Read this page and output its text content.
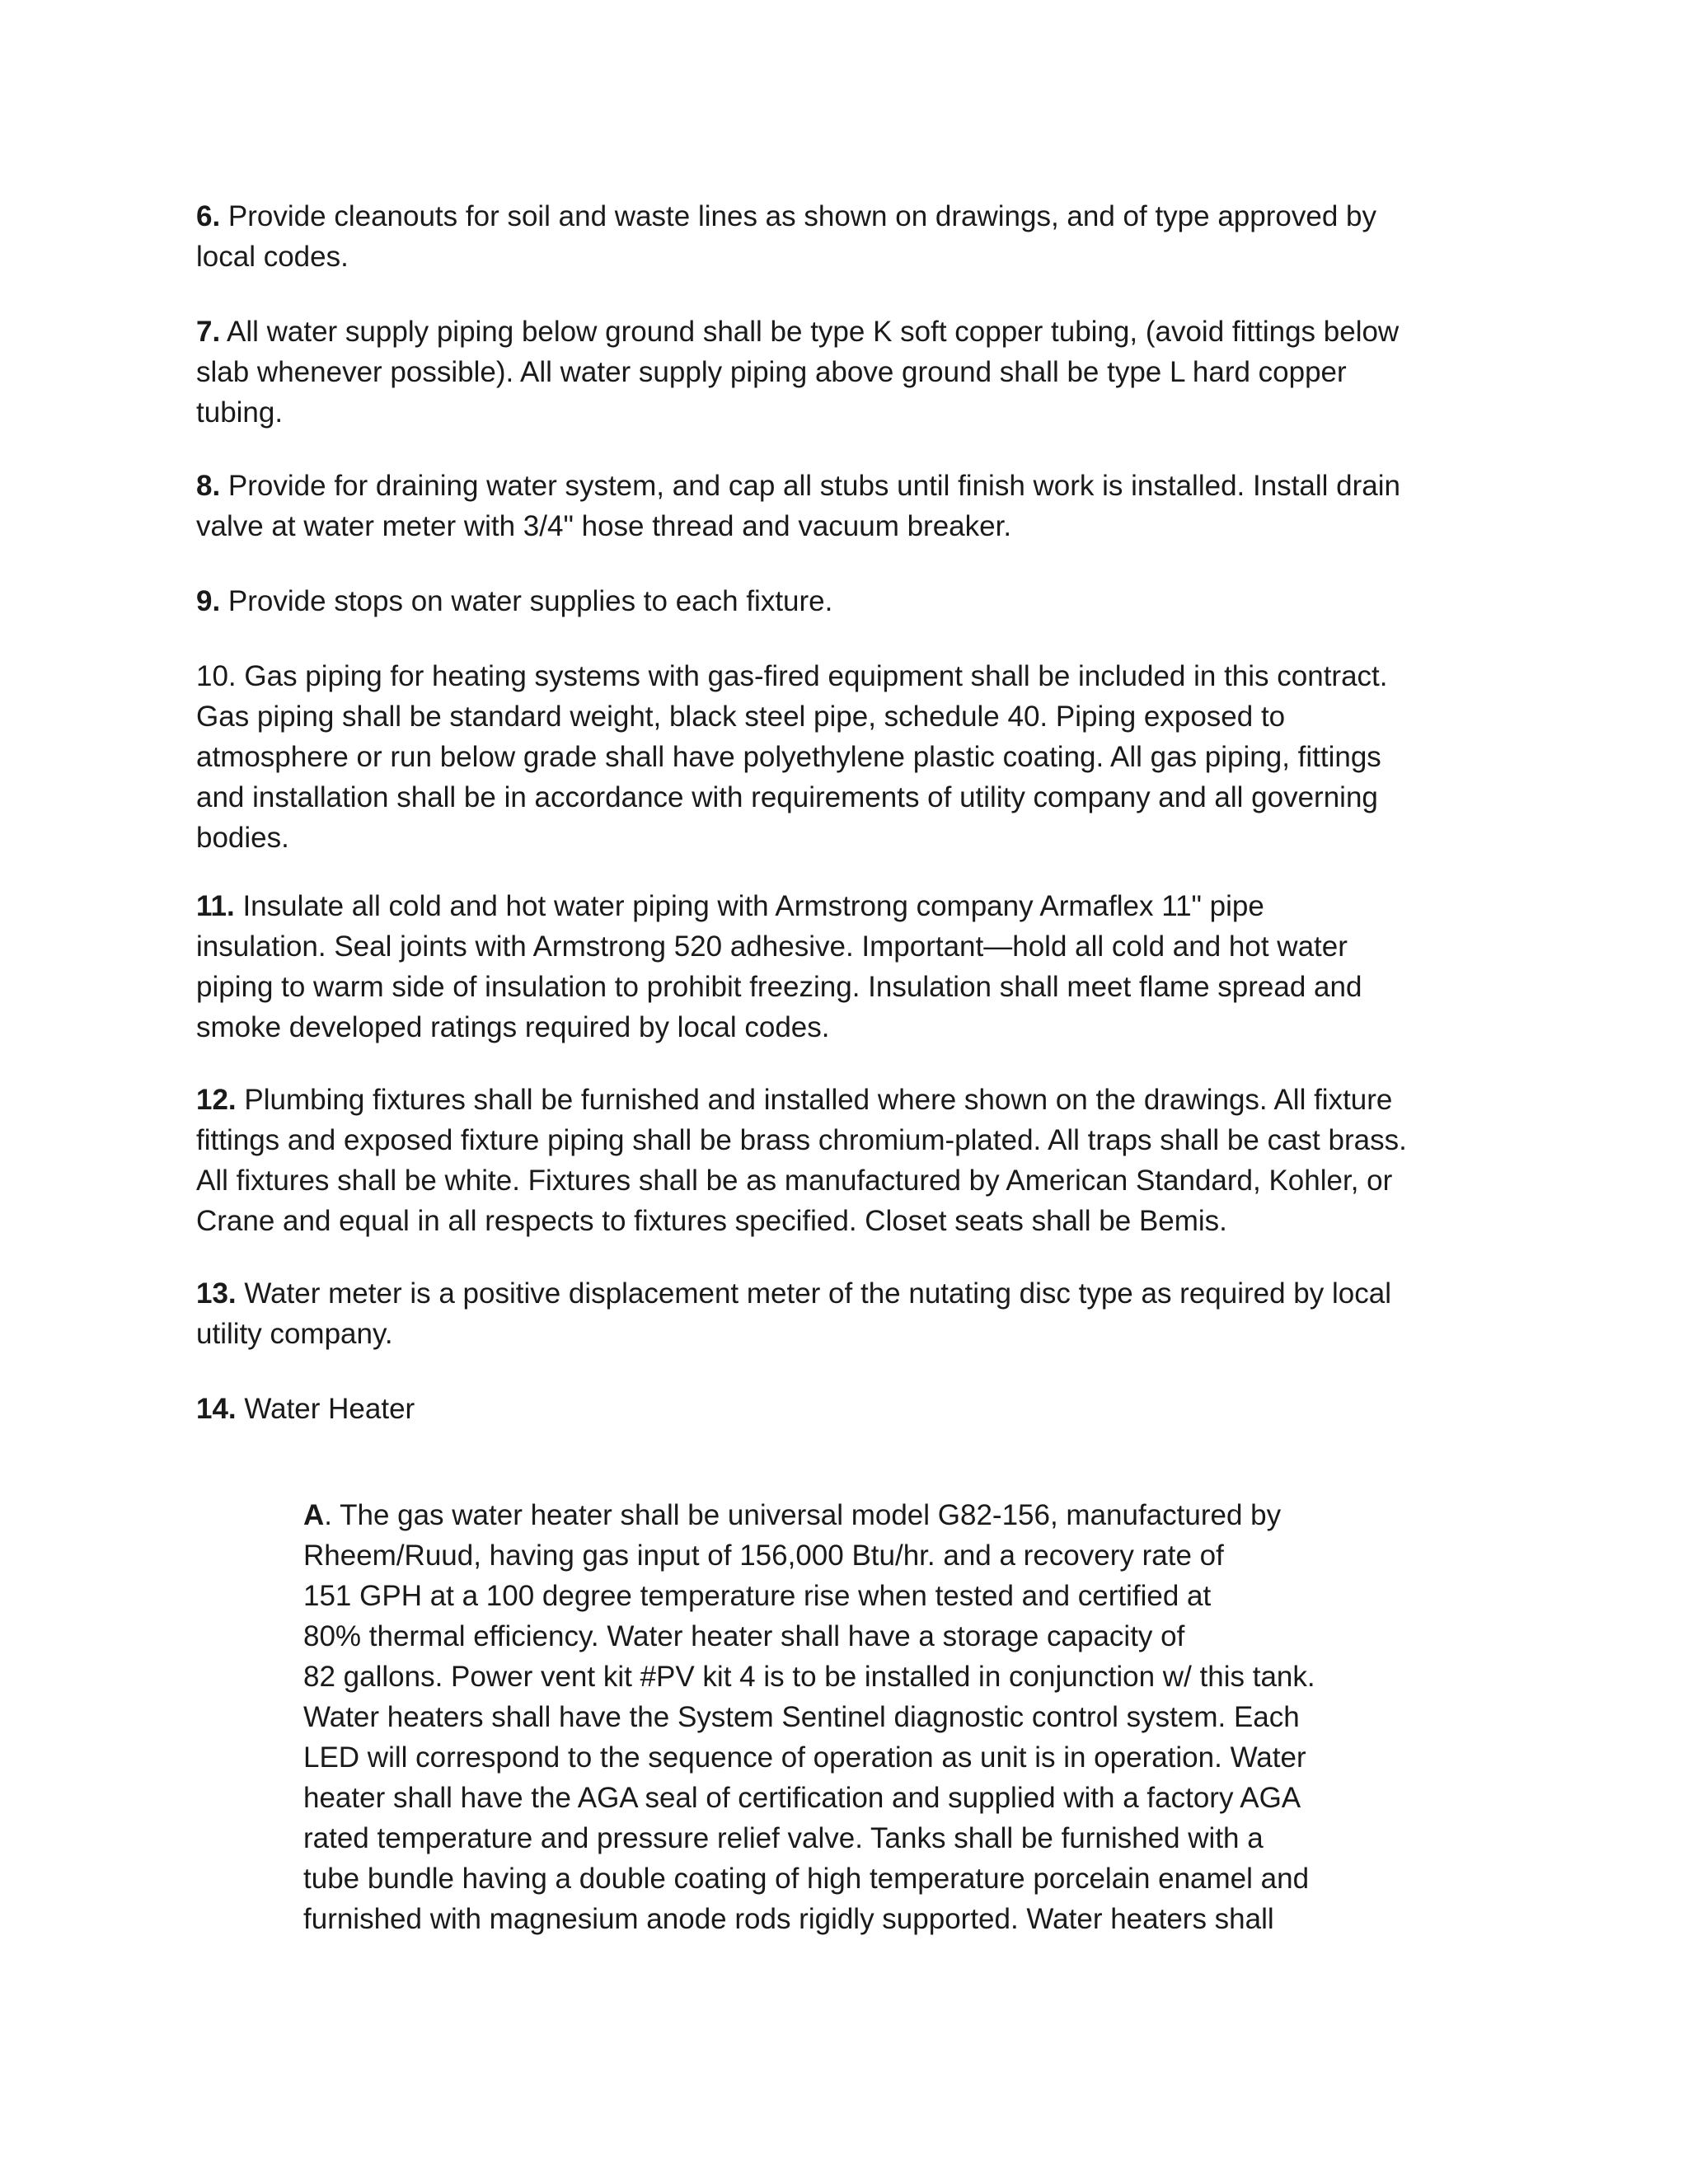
6. Provide cleanouts for soil and waste lines as shown on drawings, and of type approved by
local codes.
7. All water supply piping below ground shall be type K soft copper tubing, (avoid fittings below
slab whenever possible). All water supply piping above ground shall be type L hard copper
tubing.
8. Provide for draining water system, and cap all stubs until finish work is installed. Install drain
valve at water meter with 3/4" hose thread and vacuum breaker.
9. Provide stops on water supplies to each fixture.
10. Gas piping for heating systems with gas-fired equipment shall be included in this contract.
Gas piping shall be standard weight, black steel pipe, schedule 40. Piping exposed to
atmosphere or run below grade shall have polyethylene plastic coating. All gas piping, fittings
and installation shall be in accordance with requirements of utility company and all governing
bodies.
11. Insulate all cold and hot water piping with Armstrong company Armaflex 11" pipe
insulation. Seal joints with Armstrong 520 adhesive. Important—hold all cold and hot water
piping to warm side of insulation to prohibit freezing. Insulation shall meet flame spread and
smoke developed ratings required by local codes.
12. Plumbing fixtures shall be furnished and installed where shown on the drawings. All fixture
fittings and exposed fixture piping shall be brass chromium-plated. All traps shall be cast brass.
All fixtures shall be white. Fixtures shall be as manufactured by American Standard, Kohler, or
Crane and equal in all respects to fixtures specified. Closet seats shall be Bemis.
13. Water meter is a positive displacement meter of the nutating disc type as required by local
utility company.
14. Water Heater
A. The gas water heater shall be universal model G82-156, manufactured by
Rheem/Ruud, having gas input of 156,000 Btu/hr. and a recovery rate of
151 GPH at a 100 degree temperature rise when tested and certified at
80% thermal efficiency. Water heater shall have a storage capacity of
82 gallons. Power vent kit #PV kit 4 is to be installed in conjunction w/ this tank.
Water heaters shall have the System Sentinel diagnostic control system. Each
LED will correspond to the sequence of operation as unit is in operation. Water
heater shall have the AGA seal of certification and supplied with a factory AGA
rated temperature and pressure relief valve. Tanks shall be furnished with a
tube bundle having a double coating of high temperature porcelain enamel and
furnished with magnesium anode rods rigidly supported. Water heaters shall
